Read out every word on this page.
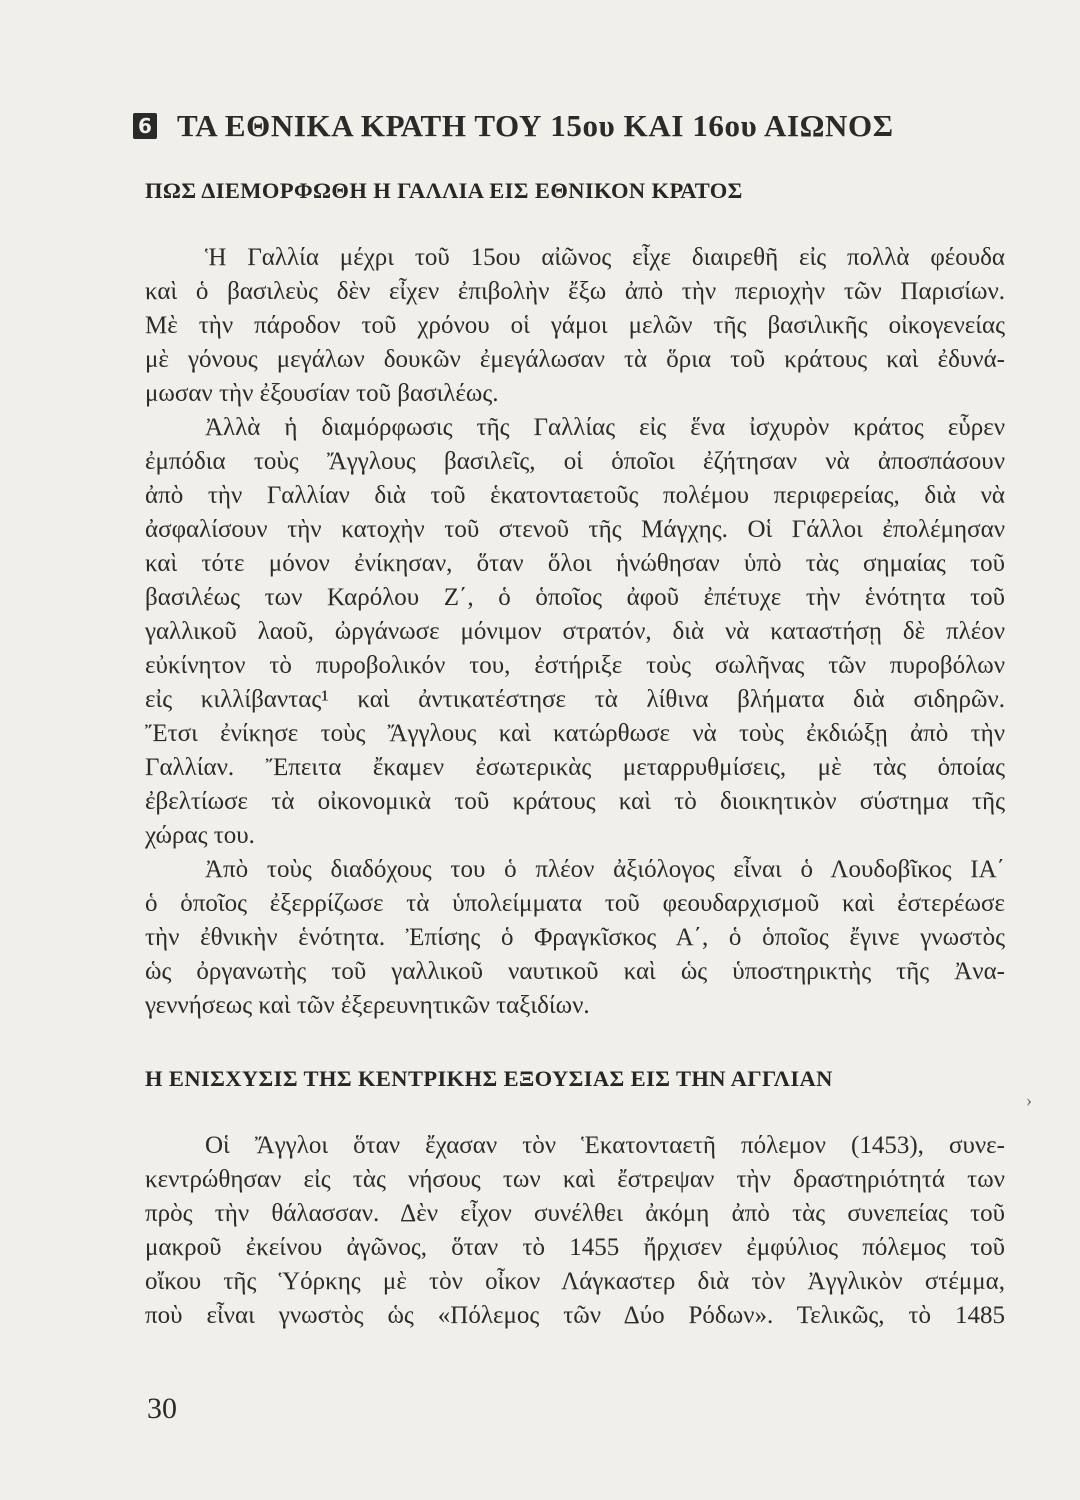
6 ΤΑ ΕΘΝΙΚΑ ΚΡΑΤΗ ΤΟΥ 15ου ΚΑΙ 16ου ΑΙΩΝΟΣ
ΠΩΣ ΔΙΕΜΟΡΦΩΘΗ Η ΓΑΛΛΙΑ ΕΙΣ ΕΘΝΙΚΟΝ ΚΡΑΤΟΣ
Ἡ Γαλλία μέχρι τοῦ 15ου αἰῶνος εἶχε διαιρεθῆ εἰς πολλὰ φέουδα
καὶ ὁ βασιλεὺς δὲν εἶχεν ἐπιβολὴν ἔξω ἀπὸ τὴν περιοχὴν τῶν Παρισίων.
Μὲ τὴν πάροδον τοῦ χρόνου οἱ γάμοι μελῶν τῆς βασιλικῆς οἰκογενείας
μὲ γόνους μεγάλων δουκῶν ἐμεγάλωσαν τὰ ὅρια τοῦ κράτους καὶ ἐδυνά-
μωσαν τὴν ἐξουσίαν τοῦ βασιλέως.
Ἀλλὰ ἡ διαμόρφωσις τῆς Γαλλίας εἰς ἕνα ἰσχυρὸν κράτος εὗρεν
ἐμπόδια τοὺς Ἄγγλους βασιλεῖς, οἱ ὁποῖοι ἐζήτησαν νὰ ἀποσπάσουν
ἀπὸ τὴν Γαλλίαν διὰ τοῦ ἑκατονταετοῦς πολέμου περιφερείας, διὰ νὰ
ἀσφαλίσουν τὴν κατοχὴν τοῦ στενοῦ τῆς Μάγχης. Οἱ Γάλλοι ἐπολέμησαν
καὶ τότε μόνον ἐνίκησαν, ὅταν ὅλοι ἡνώθησαν ὑπὸ τὰς σημαίας τοῦ
βασιλέως των Καρόλου Ζ΄, ὁ ὁποῖος ἀφοῦ ἐπέτυχε τὴν ἑνότητα τοῦ
γαλλικοῦ λαοῦ, ὠργάνωσε μόνιμον στρατόν, διὰ νὰ καταστήσῃ δὲ πλέον
εὐκίνητον τὸ πυροβολικόν του, ἐστήριξε τοὺς σωλῆνας τῶν πυροβόλων
εἰς κιλλίβαντας¹ καὶ ἀντικατέστησε τὰ λίθινα βλήματα διὰ σιδηρῶν.
Ἔτσι ἐνίκησε τοὺς Ἄγγλους καὶ κατώρθωσε νὰ τοὺς ἐκδιώξῃ ἀπὸ τὴν
Γαλλίαν. Ἔπειτα ἔκαμεν ἐσωτερικὰς μεταρρυθμίσεις, μὲ τὰς ὁποίας
ἐβελτίωσε τὰ οἰκονομικὰ τοῦ κράτους καὶ τὸ διοικητικὸν σύστημα τῆς
χώρας του.
Ἀπὸ τοὺς διαδόχους του ὁ πλέον ἀξιόλογος εἶναι ὁ Λουδοβῖκος ΙΑ΄
ὁ ὁποῖος ἐξερρίζωσε τὰ ὑπολείμματα τοῦ φεουδαρχισμοῦ καὶ ἐστερέωσε
τὴν ἐθνικὴν ἑνότητα. Ἐπίσης ὁ Φραγκῖσκος Α΄, ὁ ὁποῖος ἔγινε γνωστὸς
ὡς ὀργανωτὴς τοῦ γαλλικοῦ ναυτικοῦ καὶ ὡς ὑποστηρικτὴς τῆς Ἀνα-
γεννήσεως καὶ τῶν ἐξερευνητικῶν ταξιδίων.
Η ΕΝΙΣΧΥΣΙΣ ΤΗΣ ΚΕΝΤΡΙΚΗΣ ΕΞΟΥΣΙΑΣ ΕΙΣ ΤΗΝ ΑΓΓΛΙΑΝ
Οἱ Ἄγγλοι ὅταν ἔχασαν τὸν Ἑκατονταετῆ πόλεμον (1453), συνε-
κεντρώθησαν εἰς τὰς νήσους των καὶ ἔστρεψαν τὴν δραστηριότητά των
πρὸς τὴν θάλασσαν. Δὲν εἶχον συνέλθει ἀκόμη ἀπὸ τὰς συνεπείας τοῦ
μακροῦ ἐκείνου ἀγῶνος, ὅταν τὸ 1455 ἤρχισεν ἐμφύλιος πόλεμος τοῦ
οἴκου τῆς Ὑόρκης μὲ τὸν οἶκον Λάγκαστερ διὰ τὸν Ἀγγλικὸν στέμμα,
ποὺ εἶναι γνωστὸς ὡς «Πόλεμος τῶν Δύο Ρόδων». Τελικῶς, τὸ 1485
›
30
